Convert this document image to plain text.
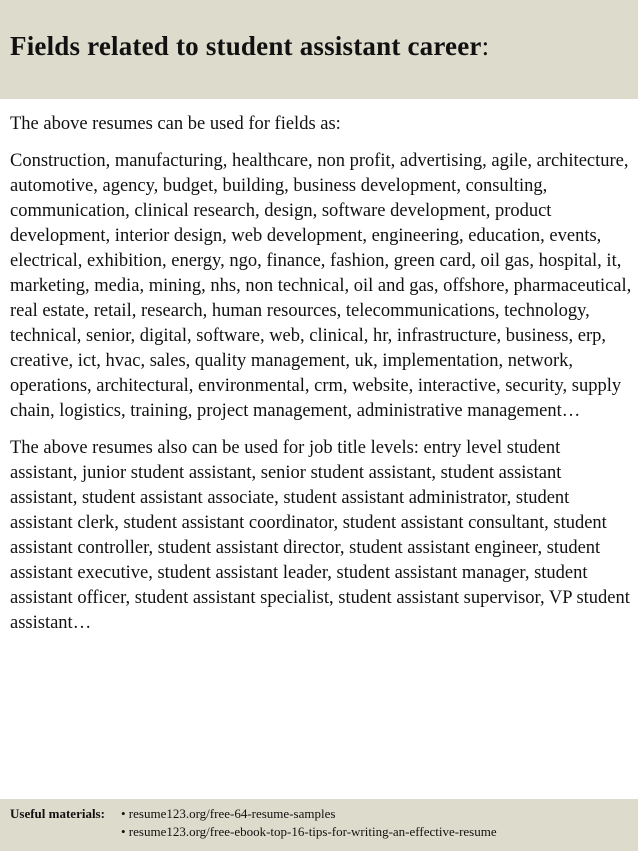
Fields related to student assistant career:

The above resumes can be used for fields as:

Construction, manufacturing, healthcare, non profit, advertising, agile, architecture, automotive, agency, budget, building, business development, consulting, communication, clinical research, design, software development, product development, interior design, web development, engineering, education, events, electrical, exhibition, energy, ngo, finance, fashion, green card, oil gas, hospital, it, marketing, media, mining, nhs, non technical, oil and gas, offshore, pharmaceutical, real estate, retail, research, human resources, telecommunications, technology, technical, senior, digital, software, web, clinical, hr, infrastructure, business, erp, creative, ict, hvac, sales, quality management, uk, implementation, network, operations, architectural, environmental, crm, website, interactive, security, supply chain, logistics, training, project management, administrative management…

The above resumes also can be used for job title levels: entry level student assistant, junior student assistant, senior student assistant, student assistant assistant, student assistant associate, student assistant administrator, student assistant clerk, student assistant coordinator, student assistant consultant, student assistant controller, student assistant director, student assistant engineer, student assistant executive, student assistant leader, student assistant manager, student assistant officer, student assistant specialist, student assistant supervisor, VP student assistant…

Useful materials:	• resume123.org/free-64-resume-samples
• resume123.org/free-ebook-top-16-tips-for-writing-an-effective-resume
